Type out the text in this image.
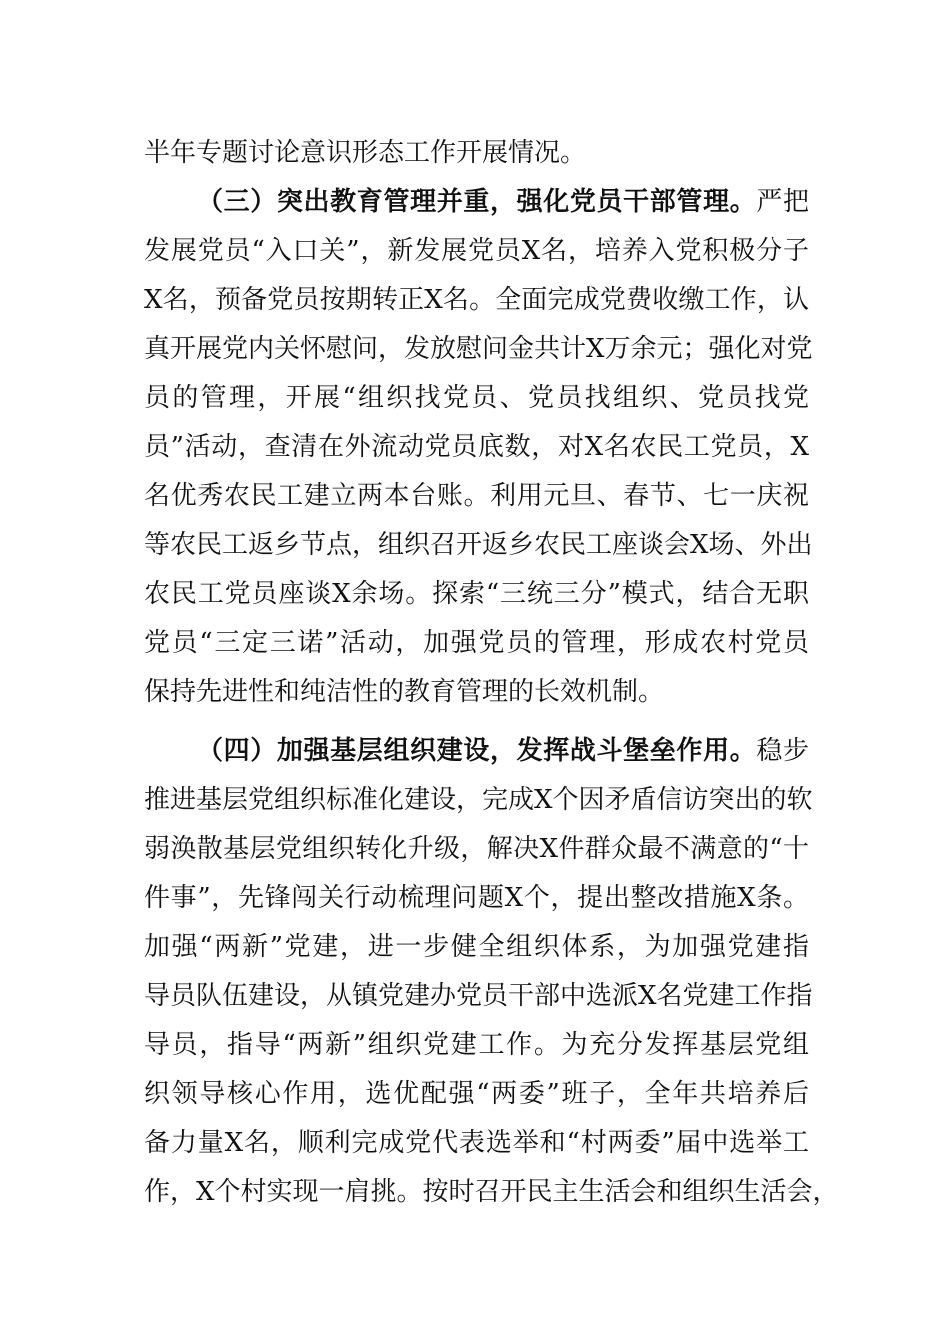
半年专题讨论意识形态工作开展情况。
（三）突出教育管理并重，强化党员干部管理。严把
发展党员“入口关”，新发展党员X名，培养入党积极分子
X名，预备党员按期转正X名。全面完成党费收缴工作，认
真开展党内关怀慰问，发放慰问金共计X万余元；强化对党
员的管理，开展“组织找党员、党员找组织、党员找党
员”活动，查清在外流动党员底数，对X名农民工党员，X
名优秀农民工建立两本台账。利用元旦、春节、七一庆祝
等农民工返乡节点，组织召开返乡农民工座谈会X场、外出
农民工党员座谈X余场。探索“三统三分”模式，结合无职
党员“三定三诺”活动，加强党员的管理，形成农村党员
保持先进性和纯洁性的教育管理的长效机制。
（四）加强基层组织建设，发挥战斗堡垒作用。稳步
推进基层党组织标准化建设，完成X个因矛盾信访突出的软
弱涣散基层党组织转化升级，解决X件群众最不满意的“十
件事”，先锋闯关行动梳理问题X个，提出整改措施X条。
加强“两新”党建，进一步健全组织体系，为加强党建指
导员队伍建设，从镇党建办党员干部中选派X名党建工作指
导员，指导“两新”组织党建工作。为充分发挥基层党组
织领导核心作用，选优配强“两委”班子，全年共培养后
备力量X名，顺利完成党代表选举和“村两委”届中选举工
作，X个村实现一肩挑。按时召开民主生活会和组织生活会，
